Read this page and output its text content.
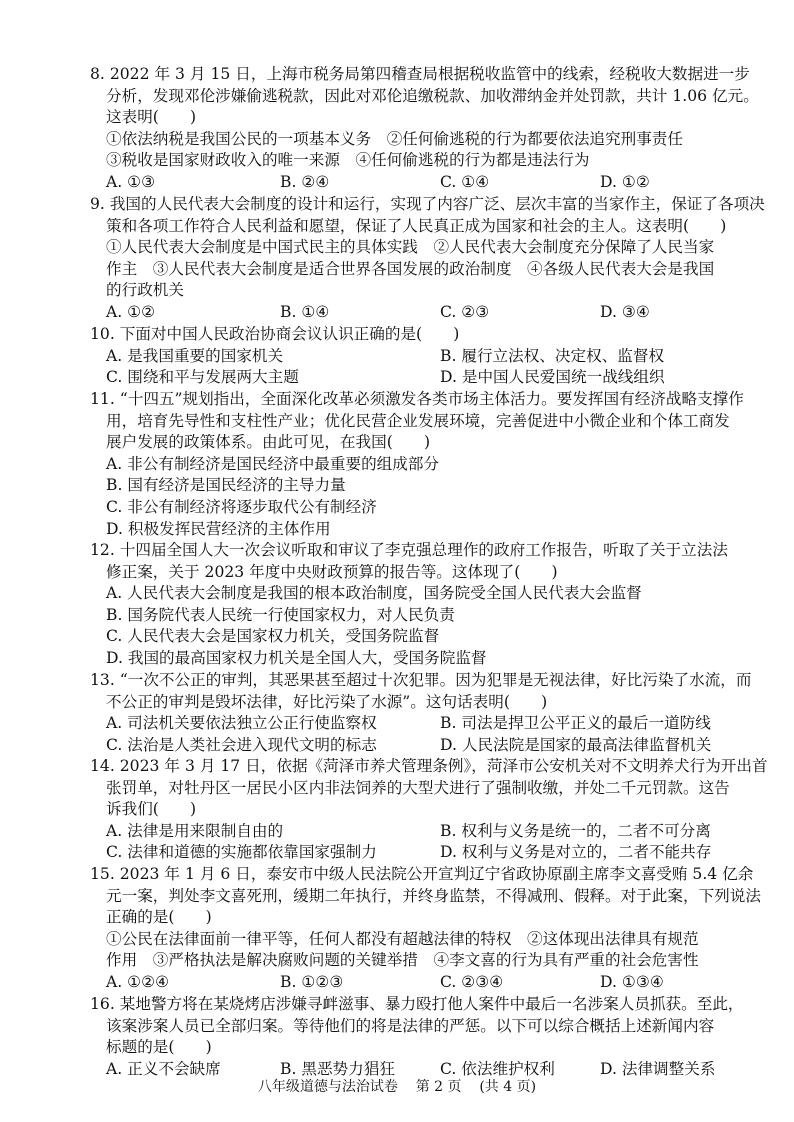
8. 2022 年 3 月 15 日，上海市税务局第四稽查局根据税收监管中的线索，经税收大数据进一步
分析，发现邓伦涉嫌偷逃税款，因此对邓伦追缴税款、加收滞纳金并处罚款，共计 1.06 亿元。
这表明(　　)
①依法纳税是我国公民的一项基本义务　②任何偷逃税的行为都要依法追究刑事责任
③税收是国家财政收入的唯一来源　④任何偷逃税的行为都是违法行为
A. ①③	B. ②④	C. ①④	D. ①②
9. 我国的人民代表大会制度的设计和运行，实现了内容广泛、层次丰富的当家作主，保证了各项决
策和各项工作符合人民利益和愿望，保证了人民真正成为国家和社会的主人。这表明(　　)
①人民代表大会制度是中国式民主的具体实践　②人民代表大会制度充分保障了人民当家
作主　③人民代表大会制度是适合世界各国发展的政治制度　④各级人民代表大会是我国
的行政机关
A. ①②	B. ①④	C. ②③	D. ③④
10. 下面对中国人民政治协商会议认识正确的是(　　)
A. 是我国重要的国家机关	B. 履行立法权、决定权、监督权
C. 围绕和平与发展两大主题	D. 是中国人民爱国统一战线组织
11. “十四五”规划指出，全面深化改革必须激发各类市场主体活力。要发挥国有经济战略支撑作
用，培育先导性和支柱性产业；优化民营企业发展环境，完善促进中小微企业和个体工商发
展户发展的政策体系。由此可见，在我国(　　)
A. 非公有制经济是国民经济中最重要的组成部分
B. 国有经济是国民经济的主导力量
C. 非公有制经济将逐步取代公有制经济
D. 积极发挥民营经济的主体作用
12. 十四届全国人大一次会议听取和审议了李克强总理作的政府工作报告，听取了关于立法法
修正案，关于 2023 年度中央财政预算的报告等。这体现了(　　)
A. 人民代表大会制度是我国的根本政治制度，国务院受全国人民代表大会监督
B. 国务院代表人民统一行使国家权力，对人民负责
C. 人民代表大会是国家权力机关，受国务院监督
D. 我国的最高国家权力机关是全国人大，受国务院监督
13. “一次不公正的审判，其恶果甚至超过十次犯罪。因为犯罪是无视法律，好比污染了水流，而
不公正的审判是毁坏法律，好比污染了水源”。这句话表明(　　)
A. 司法机关要依法独立公正行使监察权	B. 司法是捍卫公平正义的最后一道防线
C. 法治是人类社会进入现代文明的标志	D. 人民法院是国家的最高法律监督机关
14. 2023 年 3 月 17 日，依据《菏泽市养犬管理条例》，菏泽市公安机关对不文明养犬行为开出首
张罚单，对牡丹区一居民小区内非法饲养的大型犬进行了强制收缴，并处二千元罚款。这告
诉我们(　　)
A. 法律是用来限制自由的	B. 权利与义务是统一的，二者不可分离
C. 法律和道德的实施都依靠国家强制力	D. 权利与义务是对立的，二者不能共存
15. 2023 年 1 月 6 日，泰安市中级人民法院公开宣判辽宁省政协原副主席李文喜受贿 5.4 亿余
元一案，判处李文喜死刑，缓期二年执行，并终身监禁，不得减刑、假释。对于此案，下列说法
正确的是(　　)
①公民在法律面前一律平等，任何人都没有超越法律的特权　②这体现出法律具有规范
作用　③严格执法是解决腐败问题的关键举措　④李文喜的行为具有严重的社会危害性
A. ①②④	B. ①②③	C. ②③④	D. ①③④
16. 某地警方将在某烧烤店涉嫌寻衅滋事、暴力殴打他人案件中最后一名涉案人员抓获。至此，
该案涉案人员已全部归案。等待他们的将是法律的严惩。以下可以综合概括上述新闻内容
标题的是(　　)
A. 正义不会缺席	B. 黑恶势力猖狂	C. 依法维护权利	D. 法律调整关系
八年级道德与法治试卷 第 2 页 (共 4 页)
